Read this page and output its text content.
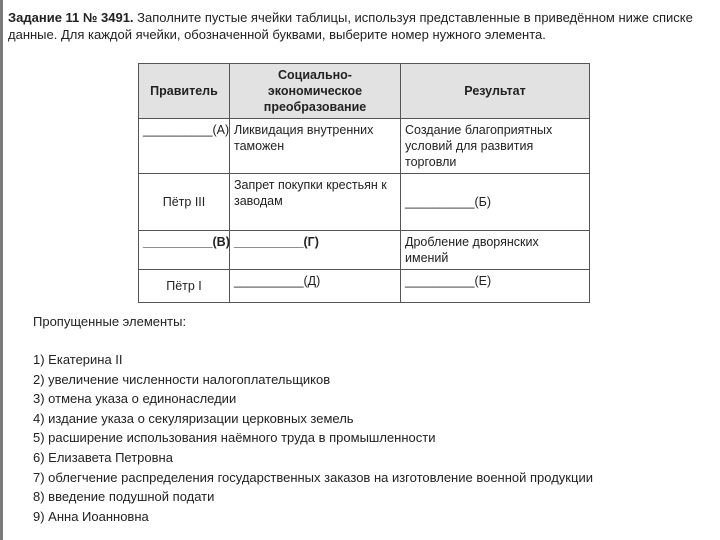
Задание 11 № 3491. Заполните пустые ячейки таблицы, используя представленные в приведённом ниже списке данные. Для каждой ячейки, обозначенной буквами, выберите номер нужного элемента.
Правитель	Социально-экономическое преобразование	Результат
__________(А)	Ликвидация внутренних таможен	Создание благоприятных условий для развития торговли
Пётр III	Запрет покупки крестьян к заводам	__________(Б)
__________(В)	__________(Г)	Дробление дворянских имений
Пётр I	__________(Д)	__________(Е)
Пропущенные элементы:
1) Екатерина II
2) увеличение численности налогоплательщиков
3) отмена указа о единонаследии
4) издание указа о секуляризации церковных земель
5) расширение использования наёмного труда в промышленности
6) Елизавета Петровна
7) облегчение распределения государственных заказов на изготовление военной продукции
8) введение подушной подати
9) Анна Иоанновна
